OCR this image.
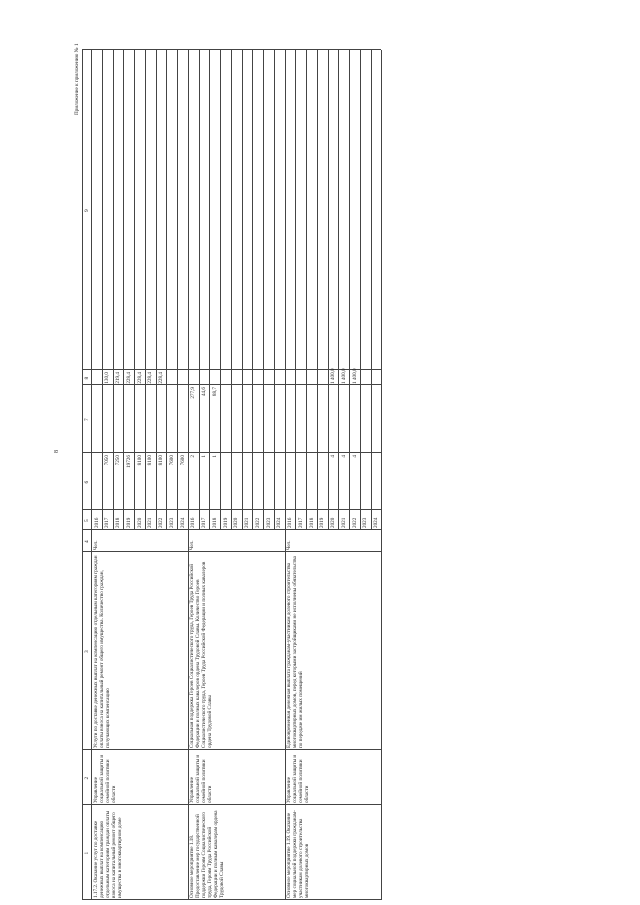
8
Приложение к приложению № 1
1
2
3
4
5
6
7
8
9
1.17.2. Оказание услуг по доставке денежных выплат на компенсацию отдельным категориям граждан оплаты взноса на капитальный ремонт общего имущества в многоквартирном доме
Управление социальной защиты и семейной политики области
Услуги по доставке денежных выплат на компенсацию отдельным категориям граждан оплаты взноса на капитальный ремонт общего имущества. Количество граждан, получающих компенсацию
Чел.
2016 2017
7050
130,0
2018
7250
219,4
2019
19726
228,4
2020
8100
228,4
2021
8100
228,4
2022
8100
228,4
2023
7600
2024
7600
Основное мероприятие 1.18. Предоставление мер государственной поддержки Героям Социалистического труда, Героям Труда Российской Федерации и полным кавалерам ордена Трудовой Славы
Управление социальной защиты и семейной политики области
Социальная поддержка Героев Социалистического труда, Героев Труда Российской Федерации и полных кавалеров ордена Трудовой Славы. Количество Героев Социалистического труда, Героев Труда Российской Федерации и полных кавалеров ордена Трудовой Славы
Чел.
2016
2
277,9
2017
1
44,6
2018
1
88,7
2019 2020 2021 2022 2023 2024
Основное мероприятие 1.19. Оказание мер социальной поддержки гражданам-участникам долевого строительства многоквартирных домов
Управление социальной защиты и семейной политики области
Единовременная денежная выплата гражданам-участникам долевого строительства многоквартирных домов, перед которыми застройщиками не исполнены обязательства по передаче им жилых помещений
Чел.
2016 2017 2018 2019 2020
4
1 400,0
2021
4
1 400,0
2022
4
1 400,0
2023 2024
